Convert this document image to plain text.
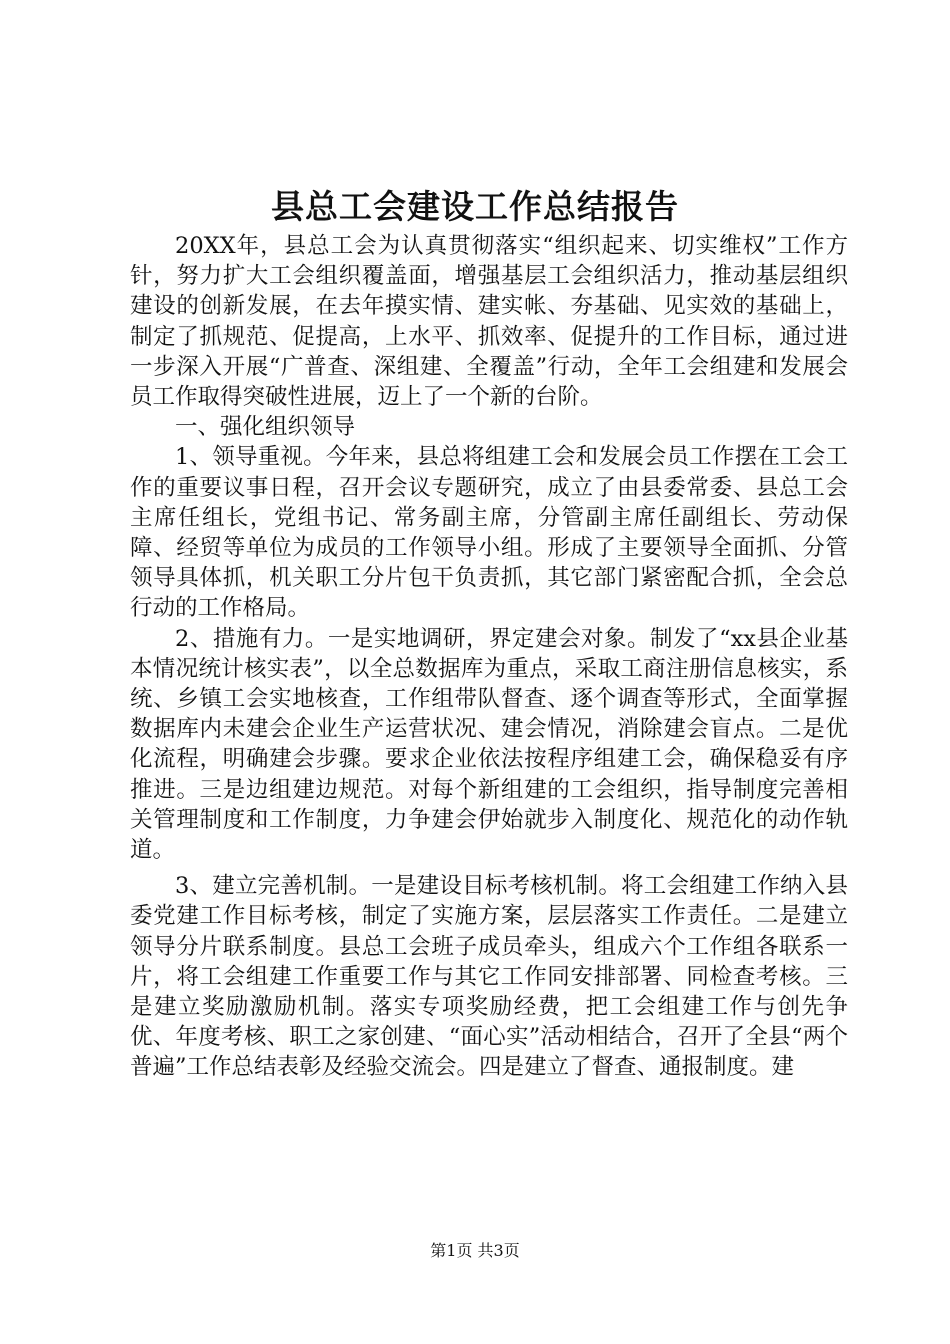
县总工会建设工作总结报告

20XX年，县总工会为认真贯彻落实“组织起来、切实维权”工作方针，努力扩大工会组织覆盖面，增强基层工会组织活力，推动基层组织建设的创新发展，在去年摸实情、建实帐、夯基础、见实效的基础上，制定了抓规范、促提高，上水平、抓效率、促提升的工作目标，通过进一步深入开展“广普查、深组建、全覆盖”行动，全年工会组建和发展会员工作取得突破性进展，迈上了一个新的台阶。

一、强化组织领导

1、领导重视。今年来，县总将组建工会和发展会员工作摆在工会工作的重要议事日程，召开会议专题研究，成立了由县委常委、县总工会主席任组长，党组书记、常务副主席，分管副主席任副组长、劳动保障、经贸等单位为成员的工作领导小组。形成了主要领导全面抓、分管领导具体抓，机关职工分片包干负责抓，其它部门紧密配合抓，全会总行动的工作格局。

2、措施有力。一是实地调研，界定建会对象。制发了“xx县企业基本情况统计核实表”，以全总数据库为重点，采取工商注册信息核实，系统、乡镇工会实地核查，工作组带队督查、逐个调查等形式，全面掌握数据库内未建会企业生产运营状况、建会情况，消除建会盲点。二是优化流程，明确建会步骤。要求企业依法按程序组建工会，确保稳妥有序推进。三是边组建边规范。对每个新组建的工会组织，指导制度完善相关管理制度和工作制度，力争建会伊始就步入制度化、规范化的动作轨道。

3、建立完善机制。一是建设目标考核机制。将工会组建工作纳入县委党建工作目标考核，制定了实施方案，层层落实工作责任。二是建立领导分片联系制度。县总工会班子成员牵头，组成六个工作组各联系一片，将工会组建工作重要工作与其它工作同安排部署、同检查考核。三是建立奖励激励机制。落实专项奖励经费，把工会组建工作与创先争优、年度考核、职工之家创建、“面心实”活动相结合，召开了全县“两个普遍”工作总结表彰及经验交流会。四是建立了督查、通报制度。建

第1页 共3页
